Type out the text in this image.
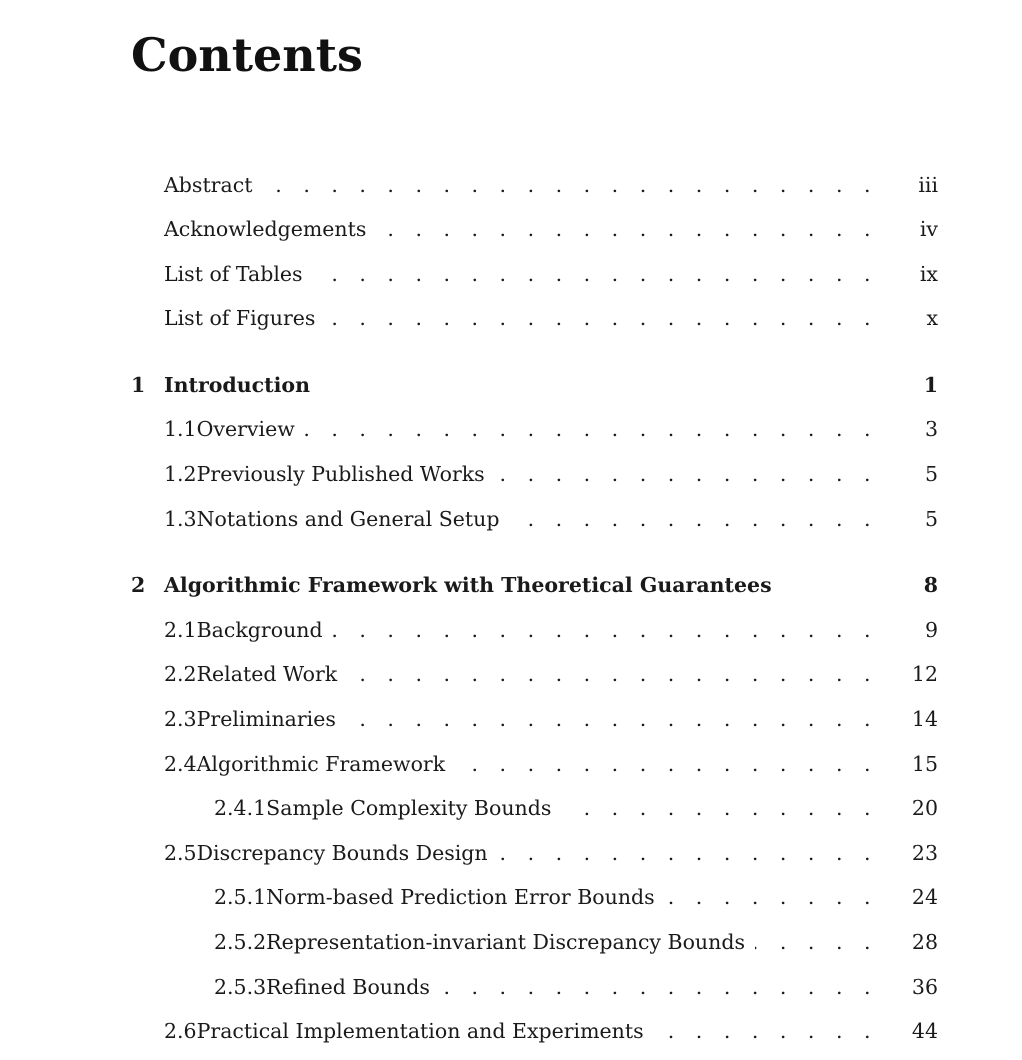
Contents
Abstract . . .	iii
Acknowledgements . . .	iv
List of Tables . . .	ix
List of Figures . . .	x
1 Introduction	1
1.1 Overview . . .	3
1.2 Previously Published Works . . .	5
1.3 Notations and General Setup . . .	5
2 Algorithmic Framework with Theoretical Guarantees	8
2.1 Background . . .	9
2.2 Related Work . . .	12
2.3 Preliminaries . . .	14
2.4 Algorithmic Framework . . .	15
2.4.1 Sample Complexity Bounds . . .	20
2.5 Discrepancy Bounds Design . . .	23
2.5.1 Norm-based Prediction Error Bounds . . .	24
2.5.2 Representation-invariant Discrepancy Bounds . . .	28
2.5.3 Refined Bounds . . .	36
2.6 Practical Implementation and Experiments . . .	44
